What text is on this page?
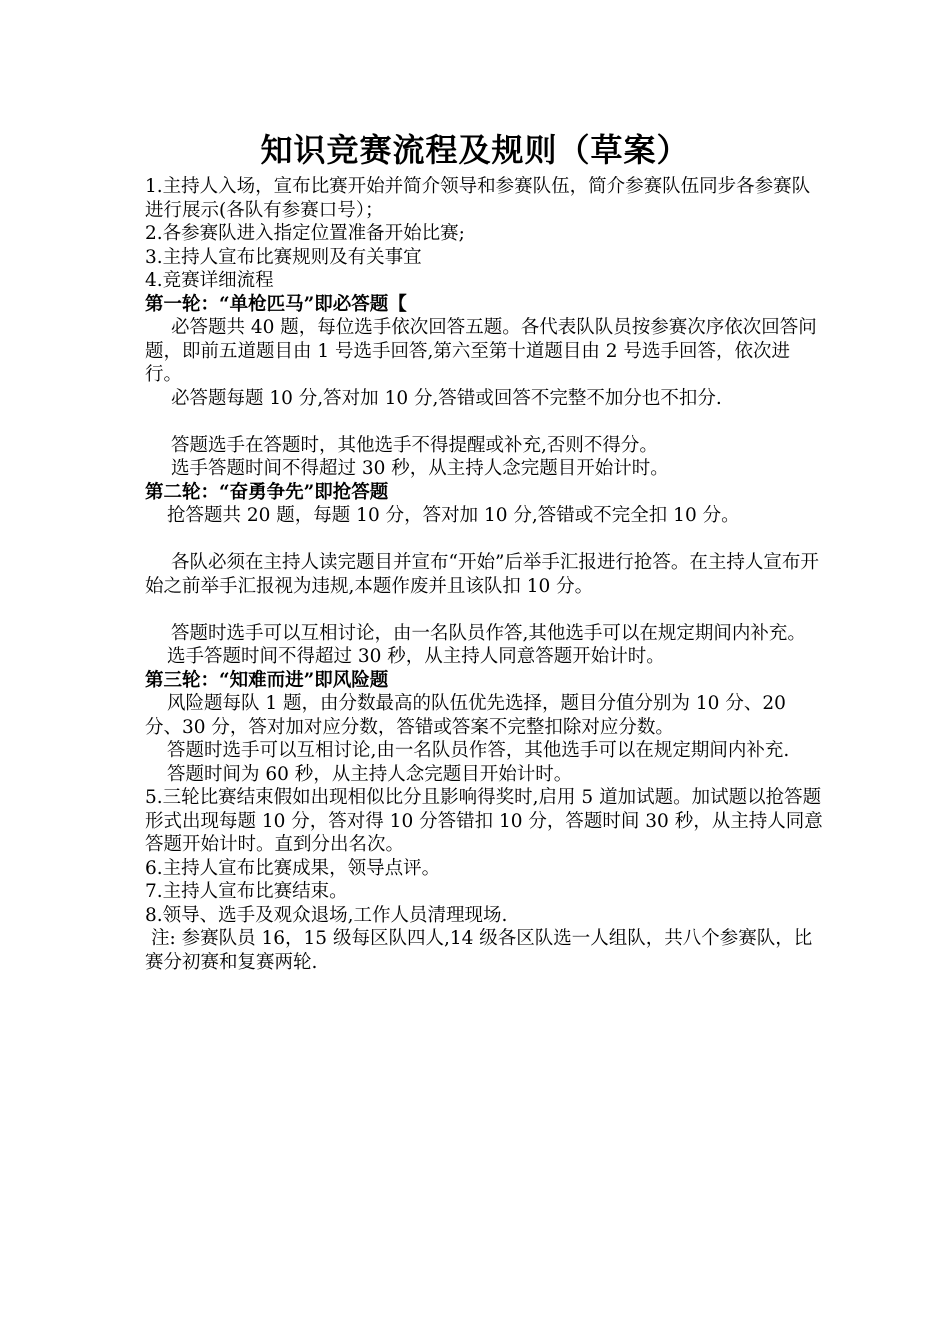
知识竞赛流程及规则（草案）

1.主持人入场，宣布比赛开始并简介领导和参赛队伍，简介参赛队伍同步各参赛队进行展示(各队有参赛口号）；

2.各参赛队进入指定位置准备开始比赛;

3.主持人宣布比赛规则及有关事宜

4.竞赛详细流程

第一轮：“单枪匹马”即必答题【

必答题共 40 题，每位选手依次回答五题。各代表队队员按参赛次序依次回答问题，即前五道题目由 1 号选手回答,第六至第十道题目由 2 号选手回答，依次进行。

必答题每题 10 分,答对加 10 分,答错或回答不完整不加分也不扣分.

答题选手在答题时，其他选手不得提醒或补充,否则不得分。

选手答题时间不得超过 30 秒，从主持人念完题目开始计时。

第二轮：“奋勇争先”即抢答题

抢答题共 20 题，每题 10 分，答对加 10 分,答错或不完全扣 10 分。

各队必须在主持人读完题目并宣布“开始”后举手汇报进行抢答。在主持人宣布开始之前举手汇报视为违规,本题作废并且该队扣 10 分。

答题时选手可以互相讨论，由一名队员作答,其他选手可以在规定期间内补充。

选手答题时间不得超过 30 秒，从主持人同意答题开始计时。

第三轮：“知难而进”即风险题

风险题每队 1 题，由分数最高的队伍优先选择，题目分值分别为 10 分、20 分、30 分，答对加对应分数，答错或答案不完整扣除对应分数。

答题时选手可以互相讨论,由一名队员作答，其他选手可以在规定期间内补充.

答题时间为 60 秒，从主持人念完题目开始计时。

5.三轮比赛结束假如出现相似比分且影响得奖时,启用 5 道加试题。加试题以抢答题形式出现每题 10 分，答对得 10 分答错扣 10 分，答题时间 30 秒，从主持人同意答题开始计时。直到分出名次。

6.主持人宣布比赛成果，领导点评。

7.主持人宣布比赛结束。

8.领导、选手及观众退场,工作人员清理现场.

注: 参赛队员 16，15 级每区队四人,14 级各区队选一人组队，共八个参赛队，比赛分初赛和复赛两轮.
